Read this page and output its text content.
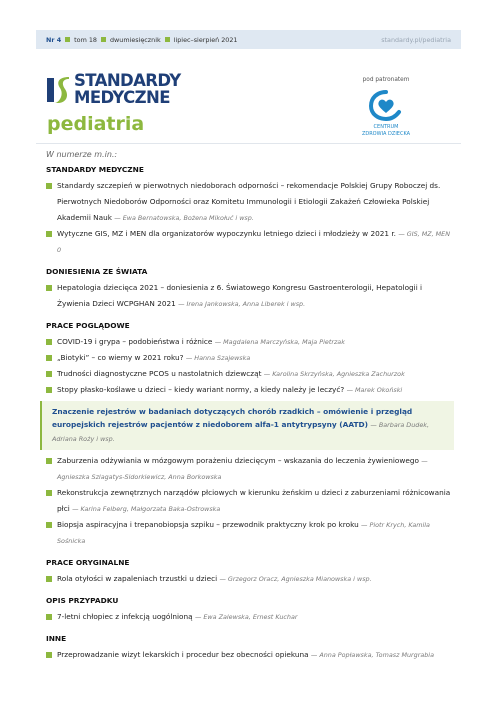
Nr 4 tom 18 dwumiesięcznik lipiec–sierpień 2021	standardy.pl/pediatria
STANDARDY
MEDYCZNE
pediatria
pod patronatem
CENTRUM
ZDROWIA DZIECKA
W numerze m.in.:
STANDARDY MEDYCZNE
Standardy szczepień w pierwotnych niedoborach odporności – rekomendacje Polskiej Grupy Roboczej ds. Pierwotnych Niedoborów Odporności oraz Komitetu Immunologii i Etiologii Zakażeń Człowieka Polskiej Akademii Nauk — Ewa Bernatowska, Bożena Mikołuć i wsp.
Wytyczne GIS, MZ i MEN dla organizatorów wypoczynku letniego dzieci i młodzieży w 2021 r. — GIS, MZ, MEN 0
DONIESIENIA ZE ŚWIATA
Hepatologia dziecięca 2021 – doniesienia z 6. Światowego Kongresu Gastroenterologii, Hepatologii i Żywienia Dzieci WCPGHAN 2021 — Irena Jankowska, Anna Liberek i wsp.
PRACE POGLĄDOWE
COVID-19 i grypa – podobieństwa i różnice — Magdalena Marczyńska, Maja Pietrzak
„Biotyki” – co wiemy w 2021 roku? — Hanna Szajewska
Trudności diagnostyczne PCOS u nastolatnich dziewcząt — Karolina Skrzyńska, Agnieszka Zachurzok
Stopy płasko-koślawe u dzieci – kiedy wariant normy, a kiedy należy je leczyć? — Marek Okoński
Znaczenie rejestrów w badaniach dotyczących chorób rzadkich – omówienie i przegląd europejskich rejestrów pacjentów z niedoborem alfa-1 antytrypsyny (AATD) — Barbara Dudek, Adriana Roży i wsp.
Zaburzenia odżywiania w mózgowym porażeniu dziecięcym – wskazania do leczenia żywieniowego — Agnieszka Szlagatys-Sidorkiewicz, Anna Borkowska
Rekonstrukcja zewnętrznych narządów płciowych w kierunku żeńskim u dzieci z zaburzeniami różnicowania płci — Karina Felberg, Małgorzata Baka-Ostrowska
Biopsja aspiracyjna i trepanobiopsja szpiku – przewodnik praktyczny krok po kroku — Piotr Krych, Kamila Sośnicka
PRACE ORYGINALNE
Rola otyłości w zapaleniach trzustki u dzieci — Grzegorz Oracz, Agnieszka Mianowska i wsp.
OPIS PRZYPADKU
7-letni chłopiec z infekcją uogólnioną — Ewa Zalewska, Ernest Kuchar
INNE
Przeprowadzanie wizyt lekarskich i procedur bez obecności opiekuna — Anna Popławska, Tomasz Murgrabia
